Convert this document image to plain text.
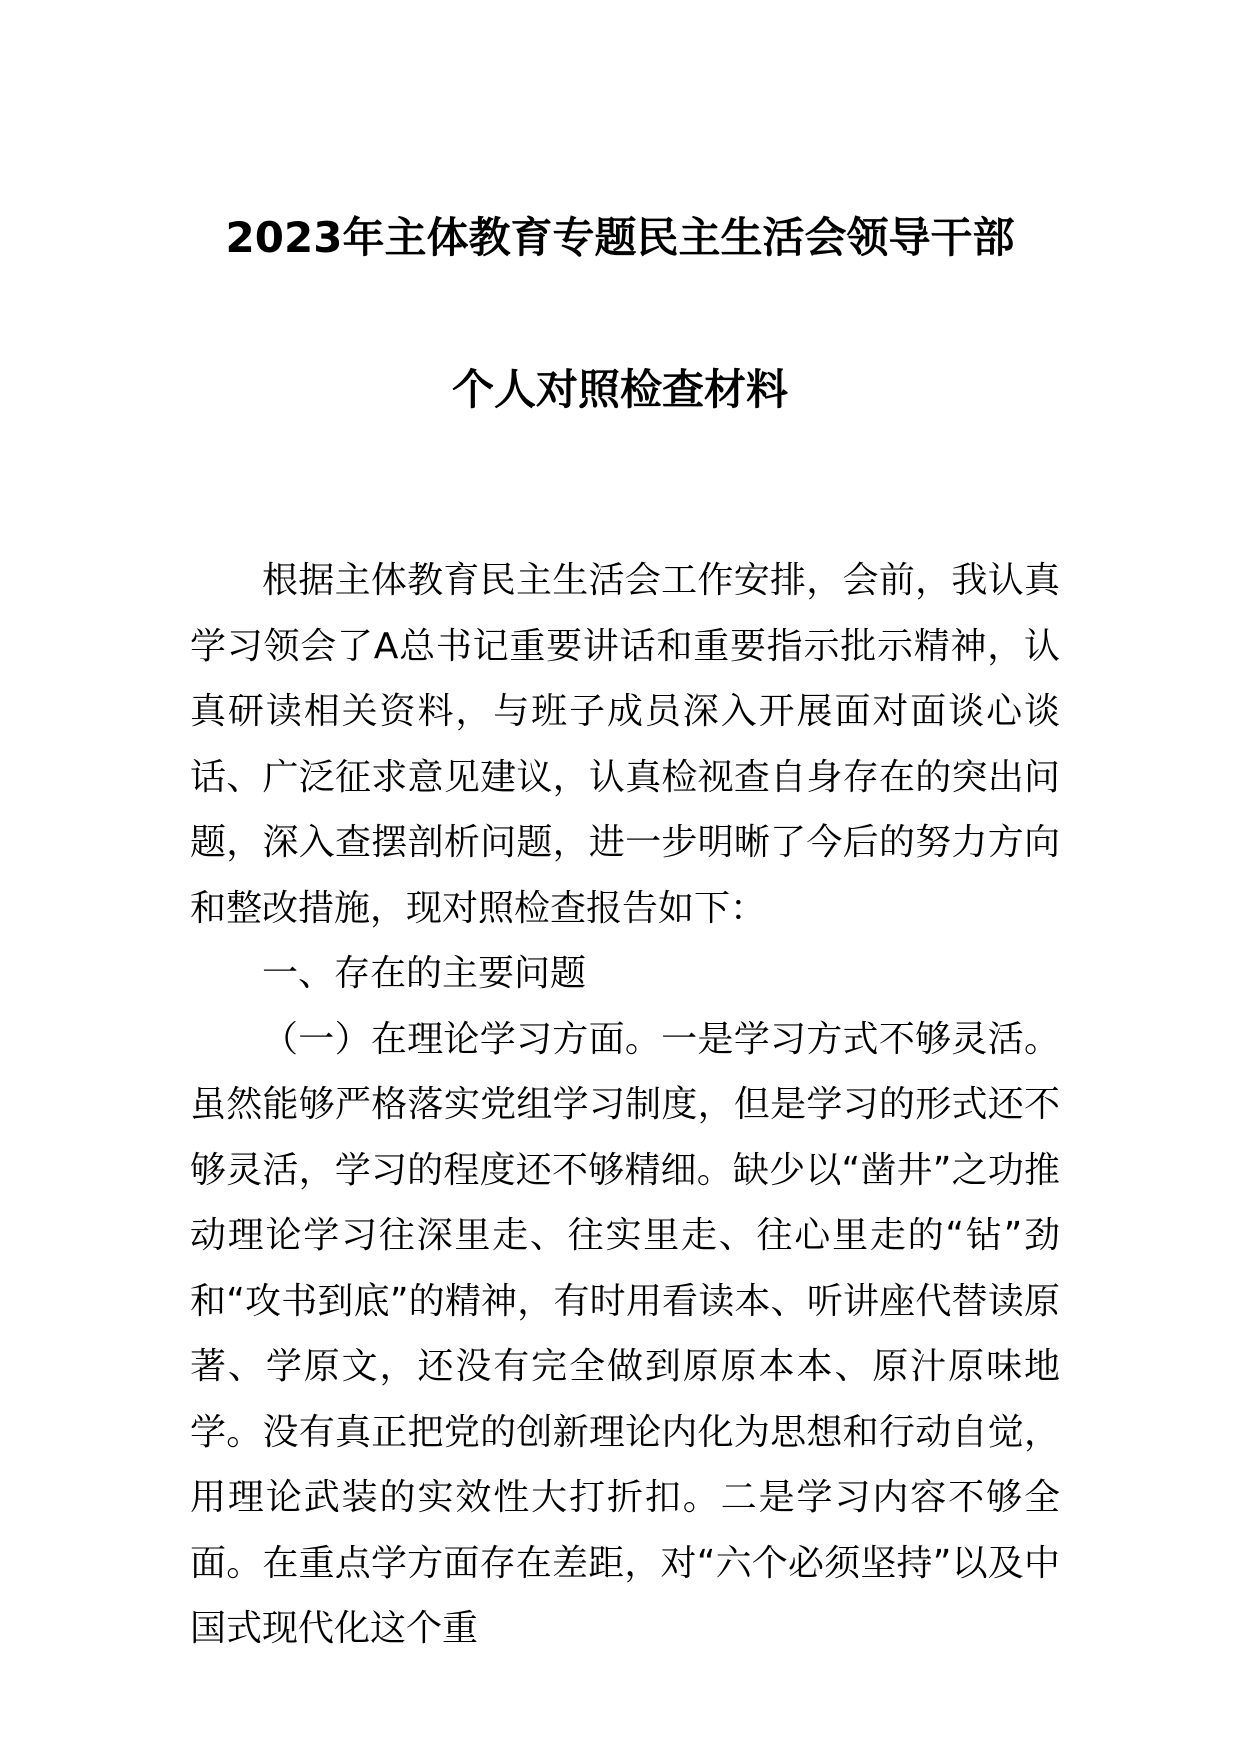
2023年主体教育专题民主生活会领导干部
个人对照检查材料

根据主体教育民主生活会工作安排，会前，我认真学习领会了A总书记重要讲话和重要指示批示精神，认真研读相关资料，与班子成员深入开展面对面谈心谈话、广泛征求意见建议，认真检视查自身存在的突出问题，深入查摆剖析问题，进一步明晰了今后的努力方向和整改措施，现对照检查报告如下：

一、存在的主要问题

（一）在理论学习方面。一是学习方式不够灵活。虽然能够严格落实党组学习制度，但是学习的形式还不够灵活，学习的程度还不够精细。缺少以“凿井”之功推动理论学习往深里走、往实里走、往心里走的“钻”劲和“攻书到底”的精神，有时用看读本、听讲座代替读原著、学原文，还没有完全做到原原本本、原汁原味地学。没有真正把党的创新理论内化为思想和行动自觉，用理论武装的实效性大打折扣。二是学习内容不够全面。在重点学方面存在差距，对“六个必须坚持”以及中国式现代化这个重
